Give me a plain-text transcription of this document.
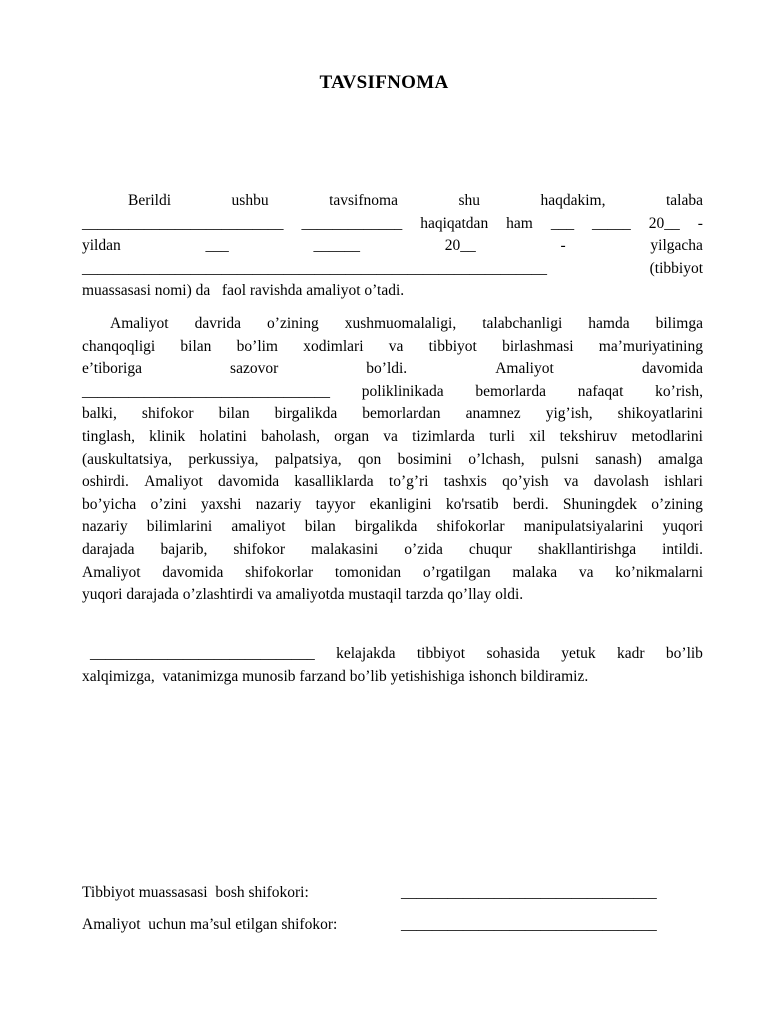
TAVSIFNOMA
Berildi	ushbu	tavsifnoma	shu	haqdakim,	talaba
__________________________ _____________ haqiqatdan ham ___ _____ 20__ -
yildan	___	______	20__	-	yilgacha
____________________________________________________________	(tibbiyot
muassasasi nomi) da   faol ravishda amaliyot o’tadi.
Amaliyot davrida o’zining xushmuomalaligi, talabchanligi hamda bilimga
chanqoqligi bilan bo’lim xodimlari va tibbiyot birlashmasi ma’muriyatining
e’tiboriga	sazovor	bo’ldi.	Amaliyot	davomida
________________________________ poliklinikada bemorlarda nafaqat ko’rish,
balki, shifokor bilan birgalikda bemorlardan anamnez yig’ish, shikoyatlarini
tinglash, klinik holatini baholash, organ va tizimlarda turli xil tekshiruv metodlarini
(auskultatsiya, perkussiya, palpatsiya, qon bosimini o’lchash, pulsni sanash) amalga
oshirdi. Amaliyot davomida kasalliklarda to’g’ri tashxis qo’yish va davolash ishlari
bo’yicha o’zini yaxshi nazariy tayyor ekanligini ko'rsatib berdi. Shuningdek o’zining
nazariy bilimlarini amaliyot bilan birgalikda shifokorlar manipulatsiyalarini yuqori
darajada bajarib, shifokor malakasini o’zida chuqur shakllantirishga intildi.
Amaliyot davomida shifokorlar tomonidan o’rgatilgan malaka va ko’nikmalarni
yuqori darajada o’zlashtirdi va amaliyotda mustaqil tarzda qo’llay oldi.
_____________________________ kelajakda tibbiyot sohasida yetuk kadr bo’lib
xalqimizga,  vatanimizga munosib farzand bo’lib yetishishiga ishonch bildiramiz.

Tibbiyot muassasasi  bosh shifokori:

	_________________________________

Amaliyot  uchun ma’sul etilgan shifokor:

	_________________________________
